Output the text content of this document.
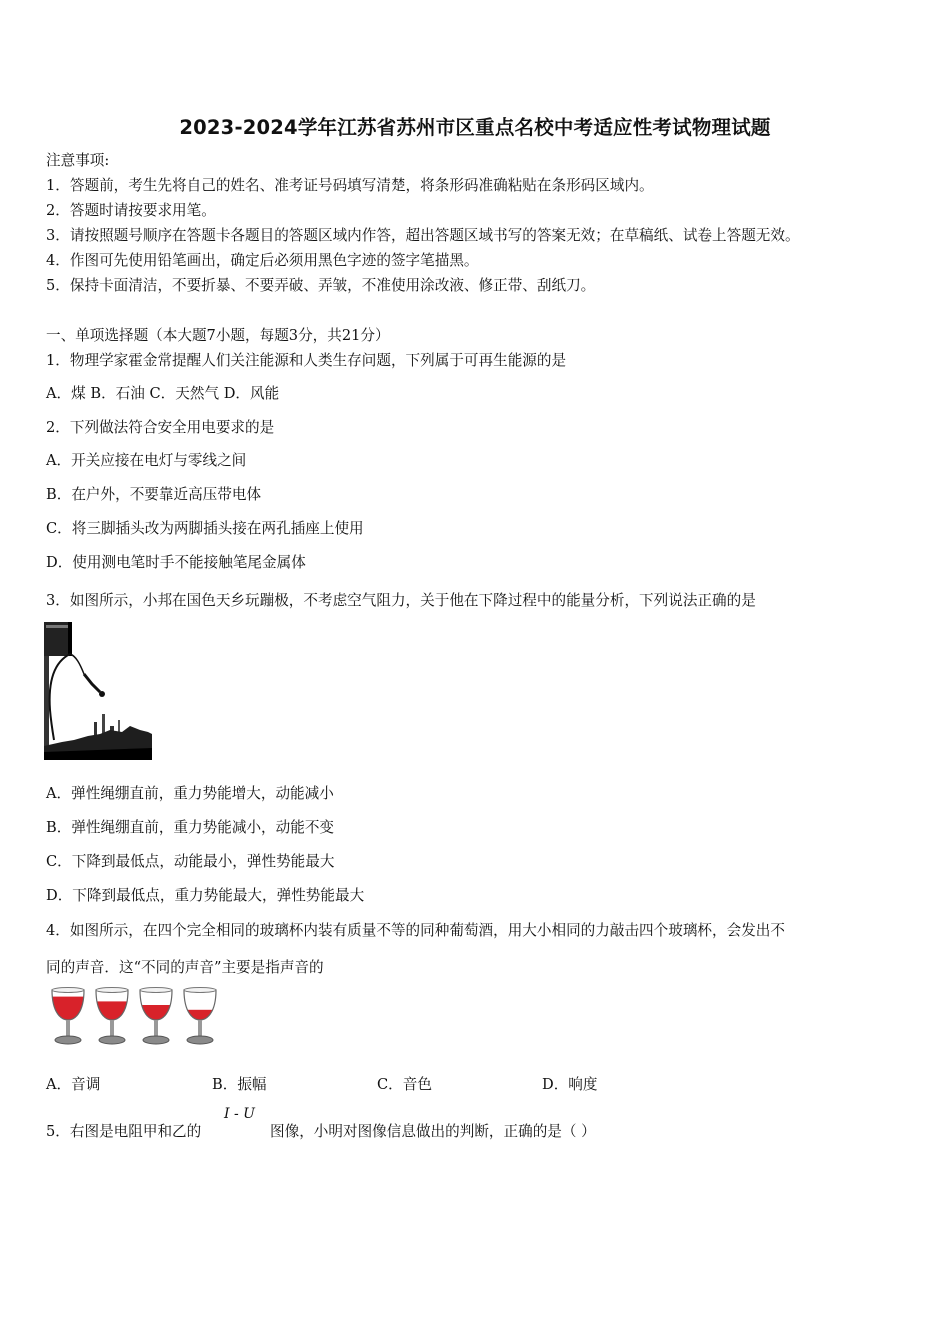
2023-2024学年江苏省苏州市区重点名校中考适应性考试物理试题
注意事项:
1．答题前，考生先将自己的姓名、准考证号码填写清楚，将条形码准确粘贴在条形码区域内。
2．答题时请按要求用笔。
3．请按照题号顺序在答题卡各题目的答题区域内作答，超出答题区域书写的答案无效；在草稿纸、试卷上答题无效。
4．作图可先使用铅笔画出，确定后必须用黑色字迹的签字笔描黑。
5．保持卡面清洁，不要折暴、不要弄破、弄皱，不准使用涂改液、修正带、刮纸刀。
一、单项选择题（本大题7小题，每题3分，共21分）
1．物理学家霍金常提醒人们关注能源和人类生存问题，下列属于可再生能源的是
A．煤 B．石油 C．天然气 D．风能
2．下列做法符合安全用电要求的是
A．开关应接在电灯与零线之间
B．在户外，不要靠近高压带电体
C．将三脚插头改为两脚插头接在两孔插座上使用
D．使用测电笔时手不能接触笔尾金属体
3．如图所示，小邦在国色天乡玩蹦极，不考虑空气阻力，关于他在下降过程中的能量分析，下列说法正确的是
A．弹性绳绷直前，重力势能增大，动能减小
B．弹性绳绷直前，重力势能减小，动能不变
C．下降到最低点，动能最小，弹性势能最大
D．下降到最低点，重力势能最大，弹性势能最大
4．如图所示，在四个完全相同的玻璃杯内装有质量不等的同种葡萄酒，用大小相同的力敲击四个玻璃杯，会发出不
同的声音．这“不同的声音”主要是指声音的
A．音调	B．振幅	C．音色	D．响度
5．右图是电阻甲和乙的
I - U
图像，小明对图像信息做出的判断，正确的是（ ）
